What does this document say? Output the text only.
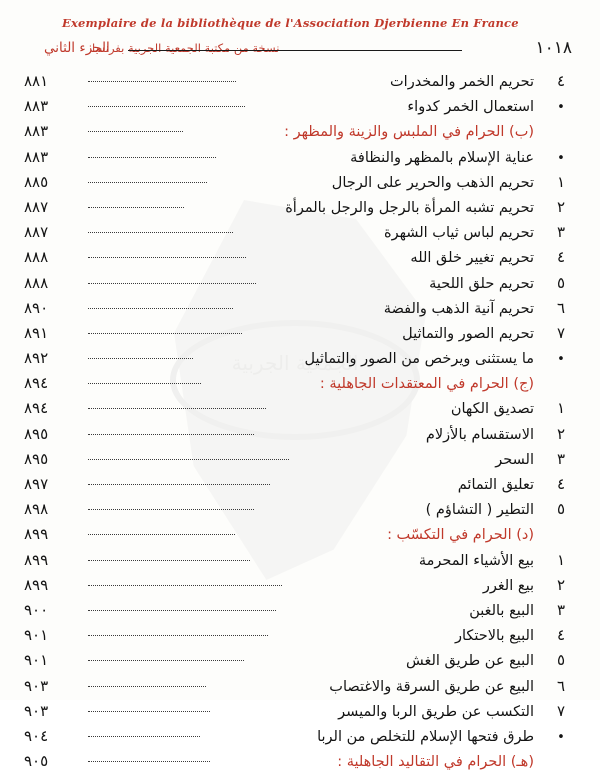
الجمعية الجربية
Exemplaire de la bibliothèque de l'Association Djerbienne En France
١٠١٨
الجزء الثاني
نسخة من مكتبة الجمعية الجربية بفرنسا
٤
تحريم الخمر والمخدرات
٨٨١
•
استعمال الخمر كدواء
٨٨٣
(ب) الحرام في الملبس والزينة والمظهر :
٨٨٣
•
عناية الإسلام بالمظهر والنظافة
٨٨٣
١
تحريم الذهب والحرير على الرجال
٨٨٥
٢
تحريم تشبه المرأة بالرجل والرجل بالمرأة
٨٨٧
٣
تحريم لباس ثياب الشهرة
٨٨٧
٤
تحريم تغيير خلق الله
٨٨٨
٥
تحريم حلق اللحية
٨٨٨
٦
تحريم آنية الذهب والفضة
٨٩٠
٧
تحريم الصور والتماثيل
٨٩١
•
ما يستثنى ويرخص من الصور والتماثيل
٨٩٢
(ج) الحرام في المعتقدات الجاهلية :
٨٩٤
١
تصديق الكهان
٨٩٤
٢
الاستقسام بالأزلام
٨٩٥
٣
السحر
٨٩٥
٤
تعليق التمائم
٨٩٧
٥
التطير ( التشاؤم )
٨٩٨
(د) الحرام في التكسّب :
٨٩٩
١
بيع الأشياء المحرمة
٨٩٩
٢
بيع الغرر
٨٩٩
٣
البيع بالغبن
٩٠٠
٤
البيع بالاحتكار
٩٠١
٥
البيع عن طريق الغش
٩٠١
٦
البيع عن طريق السرقة والاغتصاب
٩٠٣
٧
التكسب عن طريق الربا والميسر
٩٠٣
•
طرق فتحها الإسلام للتخلص من الربا
٩٠٤
(هـ) الحرام في التقاليد الجاهلية :
٩٠٥
